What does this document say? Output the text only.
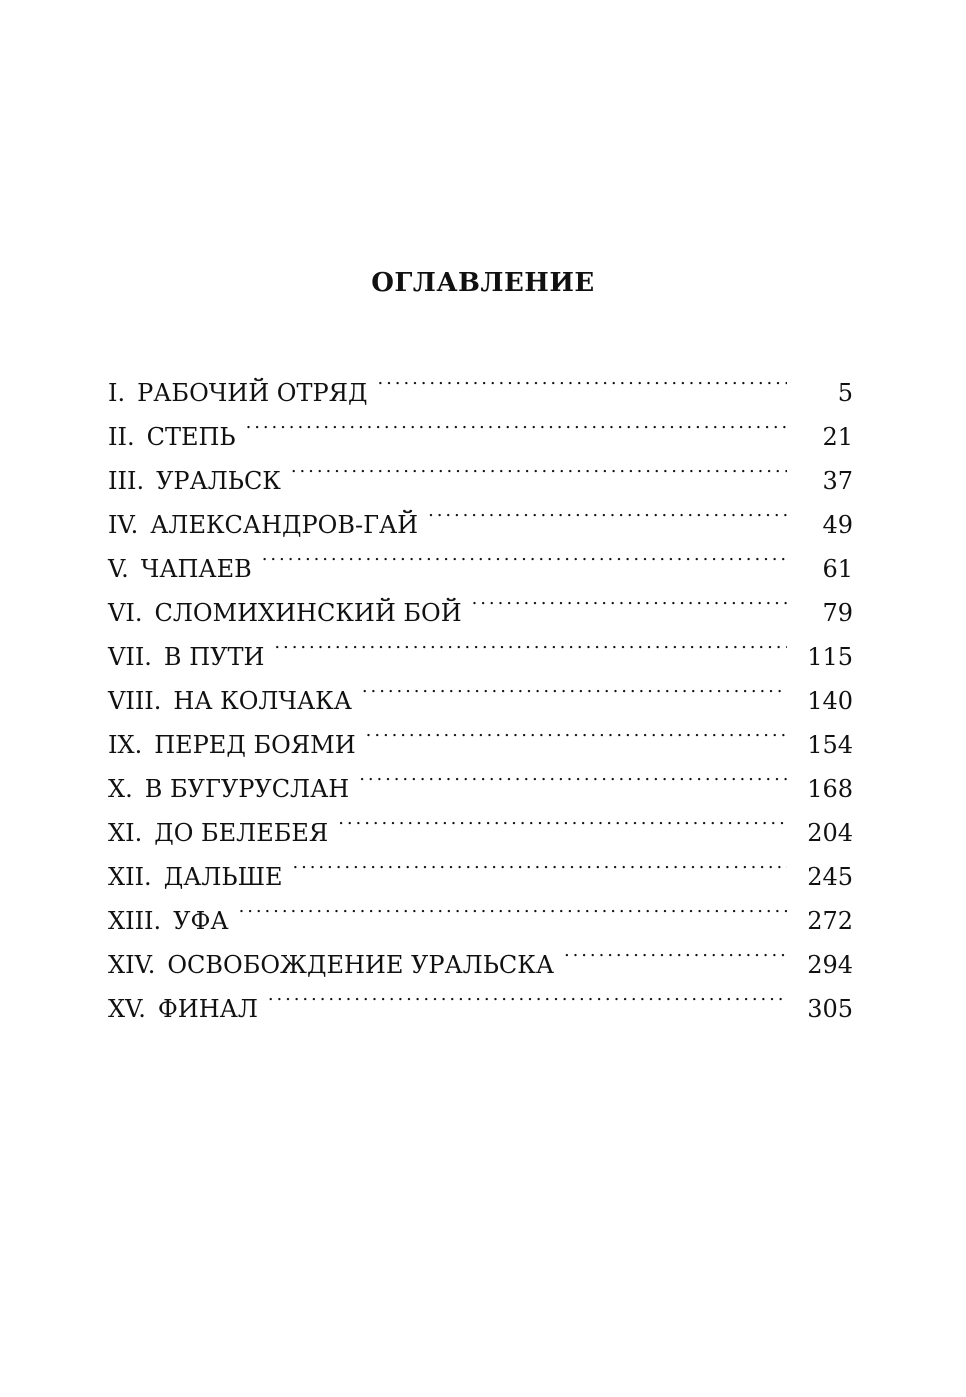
ОГЛАВЛЕНИЕ
I. РАБОЧИЙ ОТРЯД . . .	5
II. СТЕПЬ . . .	21
III. УРАЛЬСК . . .	37
IV. АЛЕКСАНДРОВ-ГАЙ . . .	49
V. ЧАПАЕВ . . .	61
VI. СЛОМИХИНСКИЙ БОЙ . . .	79
VII. В ПУТИ . . .	115
VIII. НА КОЛЧАКА . . .	140
IX. ПЕРЕД БОЯМИ . . .	154
X. В БУГУРУСЛАН . . .	168
XI. ДО БЕЛЕБЕЯ . . .	204
XII. ДАЛЬШЕ . . .	245
XIII. УФА . . .	272
XIV. ОСВОБОЖДЕНИЕ УРАЛЬСКА . . .	294
XV. ФИНАЛ . . .	305
